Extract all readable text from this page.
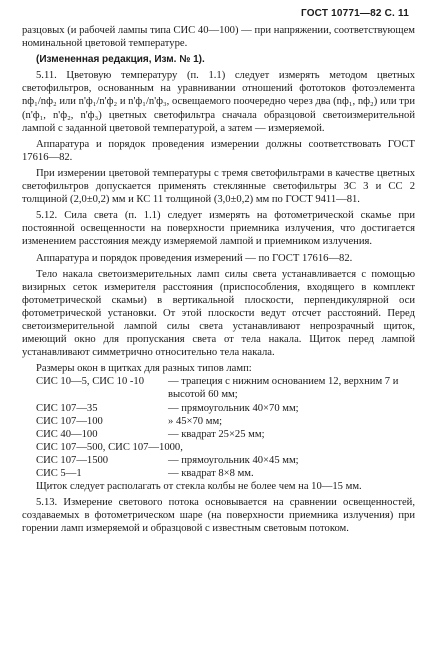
ГОСТ 10771—82 С. 11

разцовых (и рабочей лампы типа СИС 40—100) — при напряжении, соответствующем номинальной цветовой температуре.

(Измененная редакция, Изм. № 1).

5.11. Цветовую температуру (п. 1.1) следует измерять методом цветных светофильтров, основанным на уравнивании отношений фототоков фотоэлемента nф₁/nф₂ или n'ф₁/n'ф₂ и n'ф₁/n'ф₃, освещаемого поочередно через два (nф₁, nф₂) или три (n'ф₁, n'ф₂, n'ф₃) цветных светофильтра сначала образцовой светоизмерительной лампой с заданной цветовой температурой, а затем — измеряемой.

Аппаратура и порядок проведения измерении должны соответствовать ГОСТ 17616—82.

При измерении цветовой температуры с тремя светофильтрами в качестве цветных светофильтров допускается применять стеклянные светофильтры ЗС 3 и СС 2 толщиной (2,0±0,2) мм и КС 11 толщиной (3,0±0,2) мм по ГОСТ 9411—81.

5.12. Сила света (п. 1.1) следует измерять на фотометрической скамье при постоянной освещенности на поверхности приемника излучения, что достигается изменением расстояния между измеряемой лампой и приемником излучения.

Аппаратура и порядок проведения измерений — по ГОСТ 17616—82.

Тело накала светоизмерительных ламп силы света устанавливается с помощью визирных сеток измерителя расстояния (приспособления, входящего в комплект фотометрической скамьи) в вертикальной плоскости, перпендикулярной оси фотометрической установки. От этой плоскости ведут отсчет расстояний. Перед светоизмерительной лампой силы света устанавливают непрозрачный щиток, имеющий окно для пропускания света от тела накала. Щиток перед лампой устанавливают симметрично относительно тела накала.

Размеры окон в щитках для разных типов ламп:

СИС 10—5, СИС 10 -10	— трапеция с нижним основанием 12, верхним 7 и высотой 60 мм;
СИС 107—35	— прямоугольник 40×70 мм;
СИС 107—100	» 45×70 мм;
СИС 40—100	— квадрат 25×25 мм;
СИС 107—500, СИС 107—1000,	
СИС 107—1500	— прямоугольник 40×45 мм;
СИС 5—1	— квадрат 8×8 мм.

Щиток следует располагать от стекла колбы не более чем на 10—15 мм.

5.13. Измерение светового потока основывается на сравнении освещенностей, создаваемых в фотометрическом шаре (на поверхности приемника излучения) при горении ламп измеряемой и образцовой с известным световым потоком.
